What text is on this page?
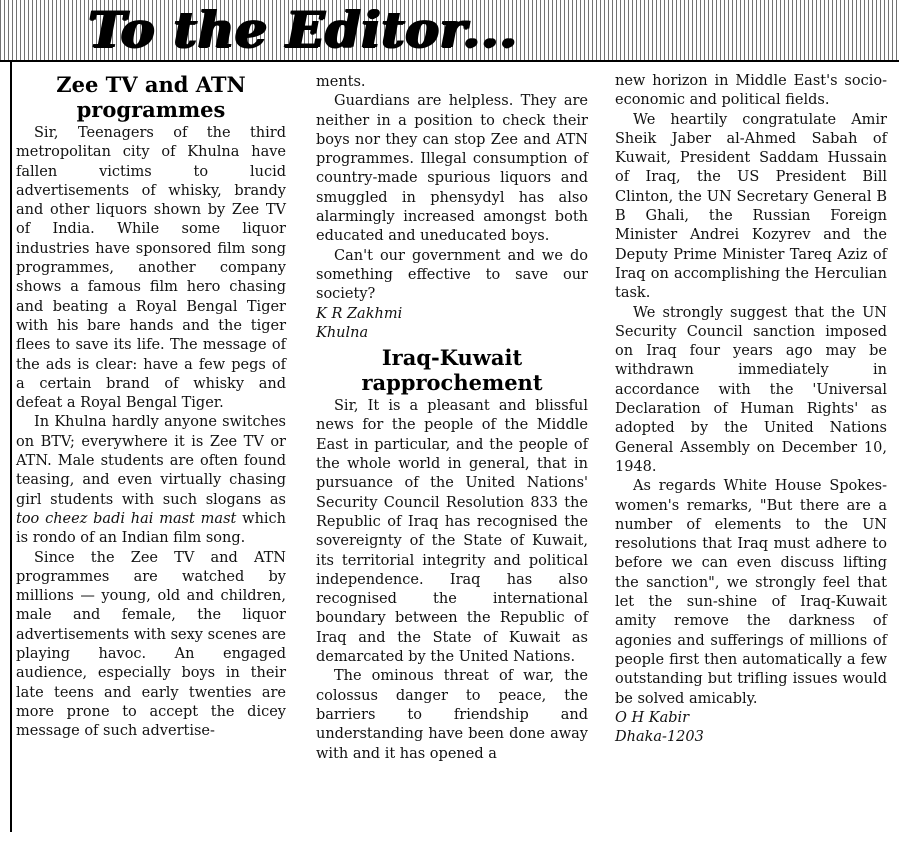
To the Editor...
Zee TV and ATN programmes

Sir, Teenagers of the third metropolitan city of Khulna have fallen victims to lucid advertisements of whisky, brandy and other liquors shown by Zee TV of India. While some liquor industries have sponsored film song programmes, another company shows a famous film hero chasing and beating a Royal Bengal Tiger with his bare hands and the tiger flees to save its life. The message of the ads is clear: have a few pegs of a certain brand of whisky and defeat a Royal Bengal Tiger.

In Khulna hardly anyone switches on BTV; everywhere it is Zee TV or ATN. Male students are often found teasing, and even virtually chasing girl students with such slogans as too cheez badi hai mast mast which is rondo of an Indian film song.

Since the Zee TV and ATN programmes are watched by millions — young, old and children, male and female, the liquor advertisements with sexy scenes are playing havoc. An engaged audience, especially boys in their late teens and early twenties are more prone to accept the dicey message of such advertise-

ments.

Guardians are helpless. They are neither in a position to check their boys nor they can stop Zee and ATN programmes. Illegal consumption of country-made spurious liquors and smuggled in phensydyl has also alarmingly increased amongst both educated and uneducated boys.

Can't our government and we do something effective to save our society?

K R Zakhmi

Khulna

Iraq-Kuwait rapprochement

Sir, It is a pleasant and blissful news for the people of the Middle East in particular, and the people of the whole world in general, that in pursuance of the United Nations' Security Council Resolution 833 the Republic of Iraq has recognised the sovereignty of the State of Kuwait, its territorial integrity and political independence. Iraq has also recognised the international boundary between the Republic of Iraq and the State of Kuwait as demarcated by the United Nations.

The ominous threat of war, the colossus danger to peace, the barriers to friendship and understanding have been done away with and it has opened a

new horizon in Middle East's socio-economic and political fields.

We heartily congratulate Amir Sheik Jaber al-Ahmed Sabah of Kuwait, President Saddam Hussain of Iraq, the US President Bill Clinton, the UN Secretary General B B Ghali, the Russian Foreign Minister Andrei Kozyrev and the Deputy Prime Minister Tareq Aziz of Iraq on accomplishing the Herculian task.

We strongly suggest that the UN Security Council sanction imposed on Iraq four years ago may be withdrawn immediately in accordance with the 'Universal Declaration of Human Rights' as adopted by the United Nations General Assembly on December 10, 1948.

As regards White House Spokes-women's remarks, "But there are a number of elements to the UN resolutions that Iraq must adhere to before we can even discuss lifting the sanction", we strongly feel that let the sun-shine of Iraq-Kuwait amity remove the darkness of agonies and sufferings of millions of people first then automatically a few outstanding but trifling issues would be solved amicably.

O H Kabir

Dhaka-1203
